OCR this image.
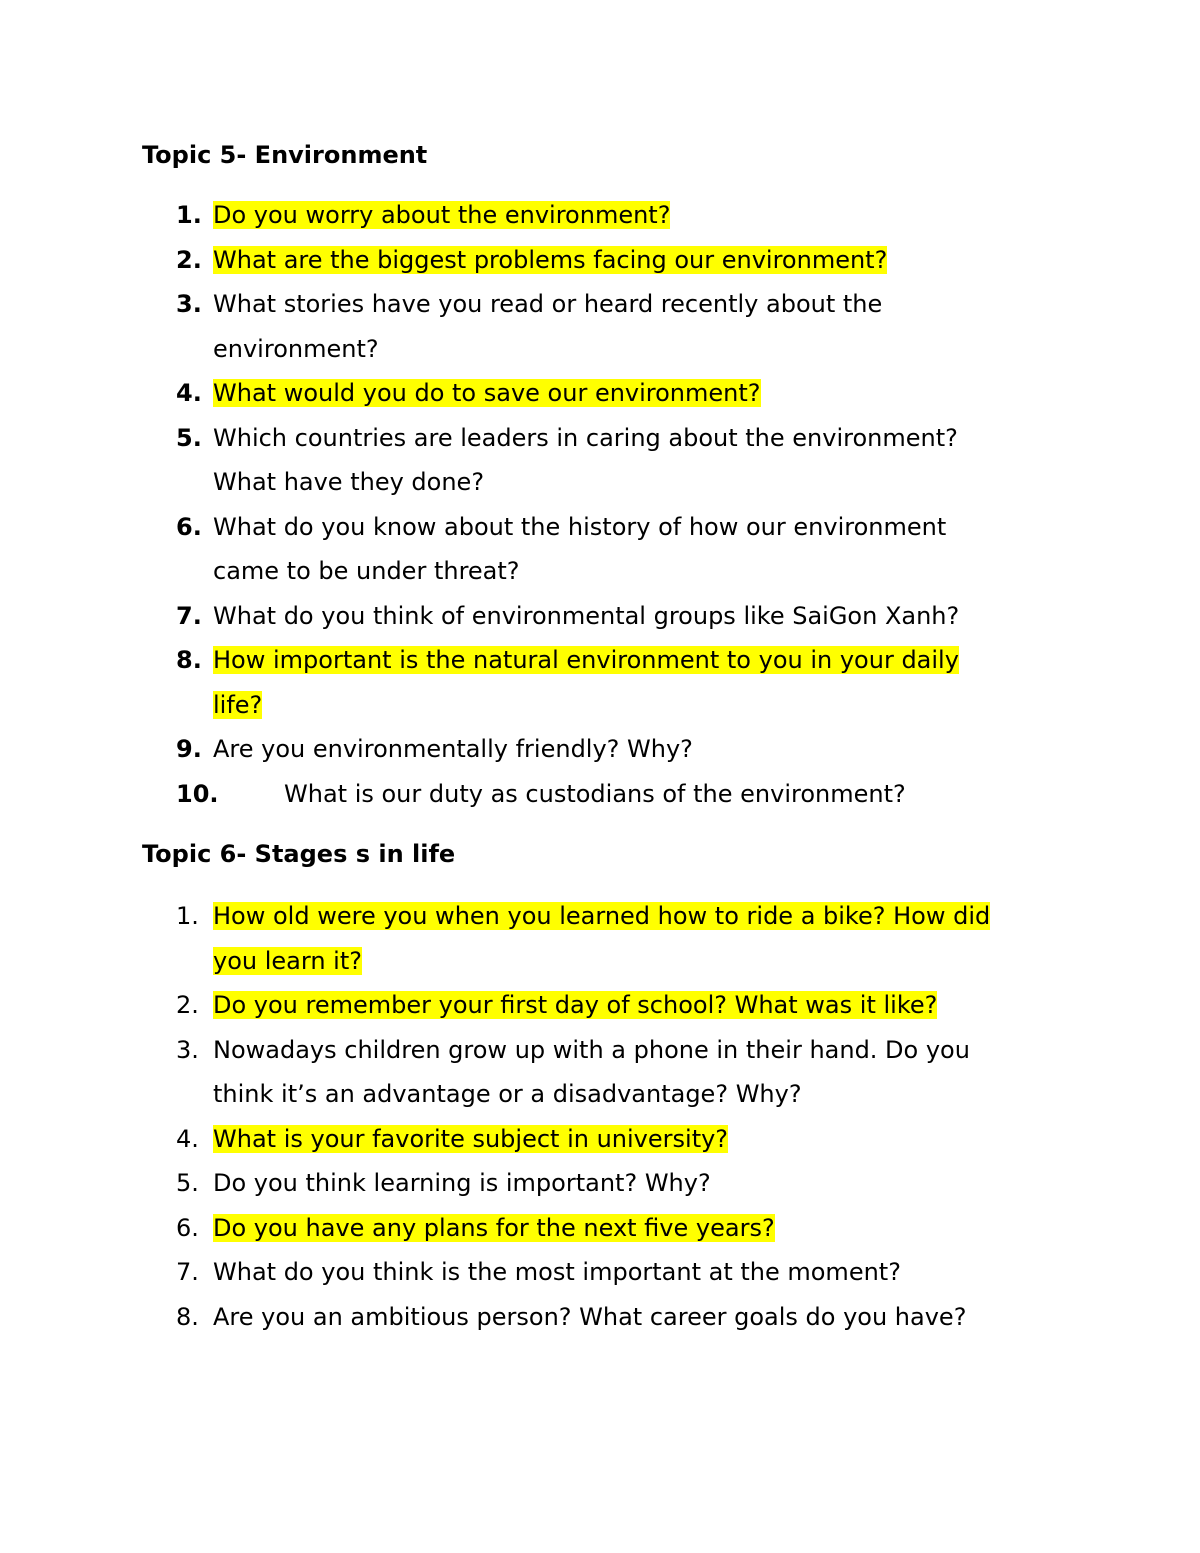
Topic 5- Environment
1. Do you worry about the environment?
2. What are the biggest problems facing our environment?
3. What stories have you read or heard recently about the
environment?
4. What would you do to save our environment?
5. Which countries are leaders in caring about the environment?
What have they done?
6. What do you know about the history of how our environment
came to be under threat?
7. What do you think of environmental groups like SaiGon Xanh?
8. How important is the natural environment to you in your daily
life?
9. Are you environmentally friendly? Why?
10.	What is our duty as custodians of the environment?
Topic 6- Stages s in life
1. How old were you when you learned how to ride a bike? How did
you learn it?
2. Do you remember your first day of school? What was it like?
3. Nowadays children grow up with a phone in their hand. Do you
think it’s an advantage or a disadvantage? Why?
4. What is your favorite subject in university?
5. Do you think learning is important? Why?
6. Do you have any plans for the next five years?
7. What do you think is the most important at the moment?
8. Are you an ambitious person? What career goals do you have?
